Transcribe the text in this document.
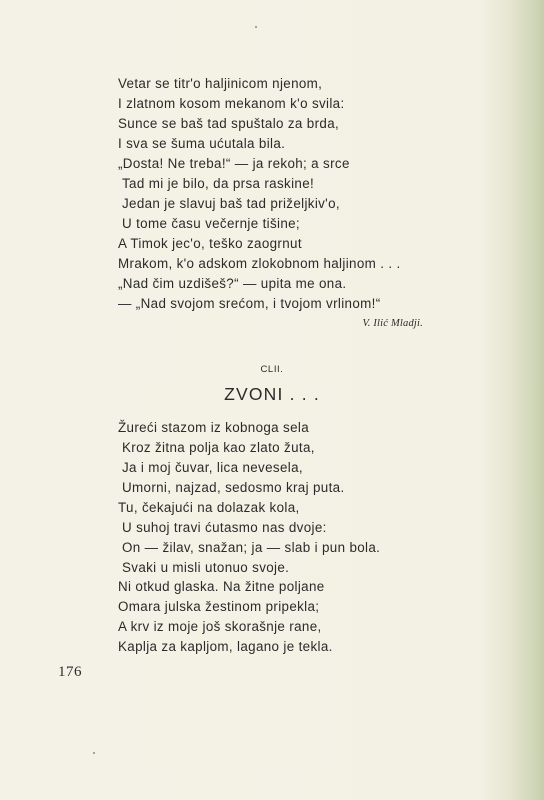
Vetar se titr'o haljinicom njenom,
I zlatnom kosom mekanom k'o svila:
Sunce se baš tad spuštalo za brda,
I sva se šuma ućutala bila.
„Dosta! Ne treba!“ — ja rekoh; a srce
Tad mi je bilo, da prsa raskine!
Jedan je slavuj baš tad priželjkiv'o,
U tome času večernje tišine;
A Timok jec'o, teško zaogrnut
Mrakom, k'o adskom zlokobnom haljinom . . .
„Nad čim uzdišeš?“ — upita me ona.
— „Nad svojom srećom, i tvojom vrlinom!“
V. Ilić Mladji.
CLII.
ZVONI . . .
Žureći stazom iz kobnoga sela
Kroz žitna polja kao zlato žuta,
Ja i moj čuvar, lica nevesela,
Umorni, najzad, sedosmo kraj puta.
Tu, čekajući na dolazak kola,
U suhoj travi ćutasmo nas dvoje:
On — žilav, snažan; ja — slab i pun bola.
Svaki u misli utonuo svoje.
Ni otkud glaska. Na žitne poljane
Omara julska žestinom pripekla;
A krv iz moje još skorašnje rane,
Kaplja za kapljom, lagano je tekla.
176
